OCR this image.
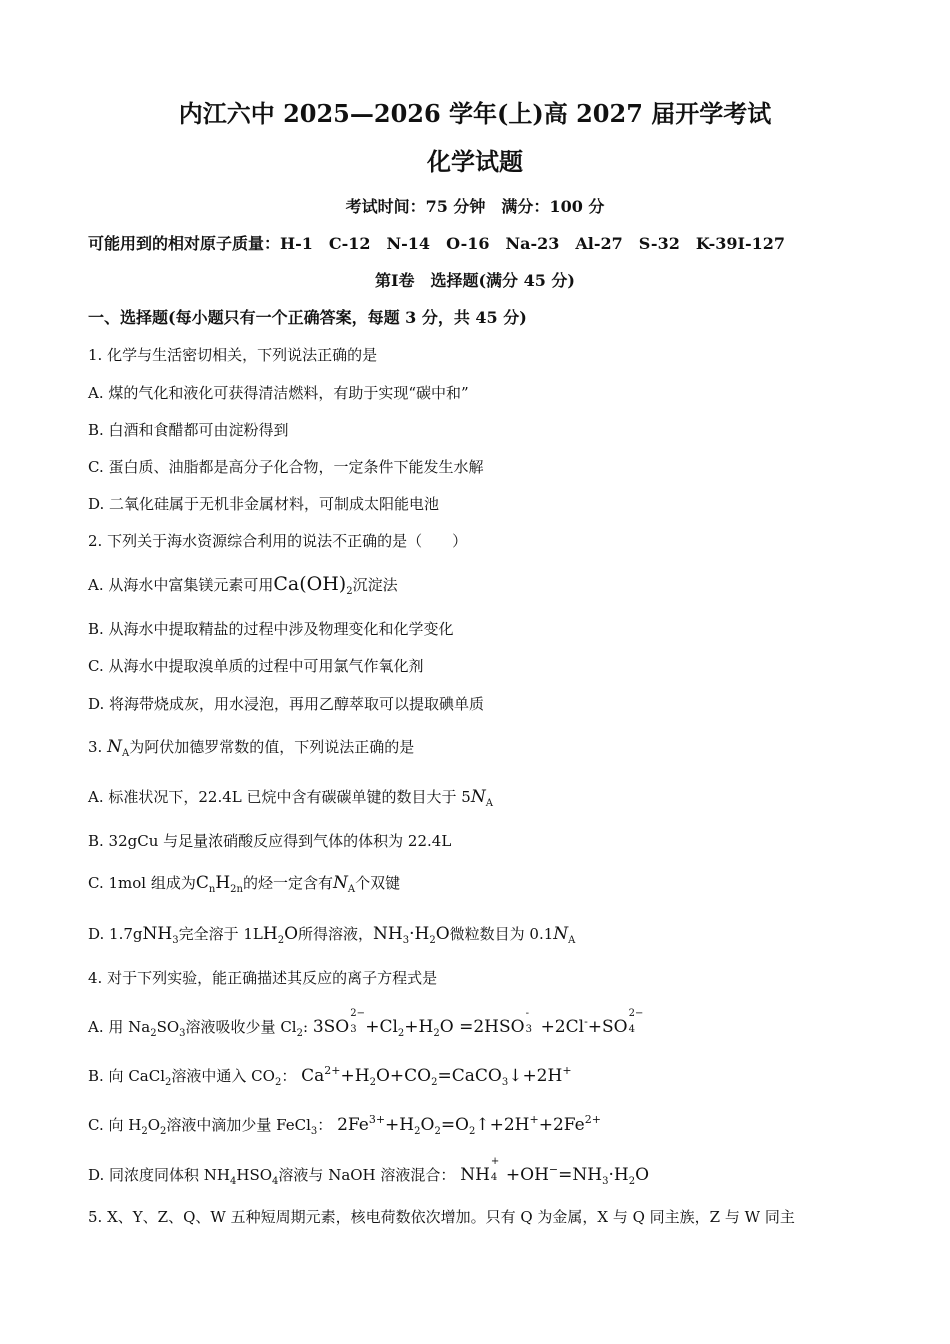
内江六中 2025—2026 学年(上)高 2027 届开学考试
化学试题
考试时间：75 分钟　满分：100 分
可能用到的相对原子质量：H-1　C-12　N-14　O-16　Na-23　Al-27　S-32　K-39I-127
第Ⅰ卷　选择题(满分 45 分)
一、选择题(每小题只有一个正确答案，每题 3 分，共 45 分)
1. 化学与生活密切相关，下列说法正确的是
A. 煤的气化和液化可获得清洁燃料，有助于实现“碳中和”
B. 白酒和食醋都可由淀粉得到
C. 蛋白质、油脂都是高分子化合物，一定条件下能发生水解
D. 二氧化硅属于无机非金属材料，可制成太阳能电池
2. 下列关于海水资源综合利用的说法不正确的是（　　）
A. 从海水中富集镁元素可用$Ca(OH)_2$沉淀法
B. 从海水中提取精盐的过程中涉及物理变化和化学变化
C. 从海水中提取溴单质的过程中可用氯气作氧化剂
D. 将海带烧成灰，用水浸泡，再用乙醇萃取可以提取碘单质
3. $N_A$为阿伏加德罗常数的值，下列说法正确的是
A. 标准状况下，22.4L 已烷中含有碳碳单键的数目大于 $5N_A$
B. 32gCu 与足量浓硝酸反应得到气体的体积为 22.4L
C. 1mol 组成为$C_nH_{2n}$的烃一定含有$N_A$个双键
D. 1.7gNH$_3$完全溶于 $1LH_2O$所得溶液，$NH_3\cdot H_2O$微粒数目为 $0.1N_A$
4. 对于下列实验，能正确描述其反应的离子方程式是
A. 用 $Na_2SO_3$溶液吸收少量 $Cl_2$: 3SO
2−
$3 +Cl_2+H_2O =2HSO$
-
3 +2Cl-+SO
2−
4
B. 向 CaCl$_2$溶液中通入 $CO_2$： $Ca^{2+}+H_2O+CO_2=CaCO_3↓+2H^+$
C. 向 $H_2O_2$溶液中滴加少量 FeCl$_3$： $2Fe^{3+}+H_2O_2=O_2↑+2H^++2Fe^{2+}$
D. 同浓度同体积 $NH_4HSO_4$溶液与 NaOH 溶液混合： NH
+
$4 +OH^-=NH_3\cdot H_2O$
5. X、Y、Z、Q、W 五种短周期元素，核电荷数依次增加。只有 Q 为金属，X 与 Q 同主族，Z 与 W 同主
